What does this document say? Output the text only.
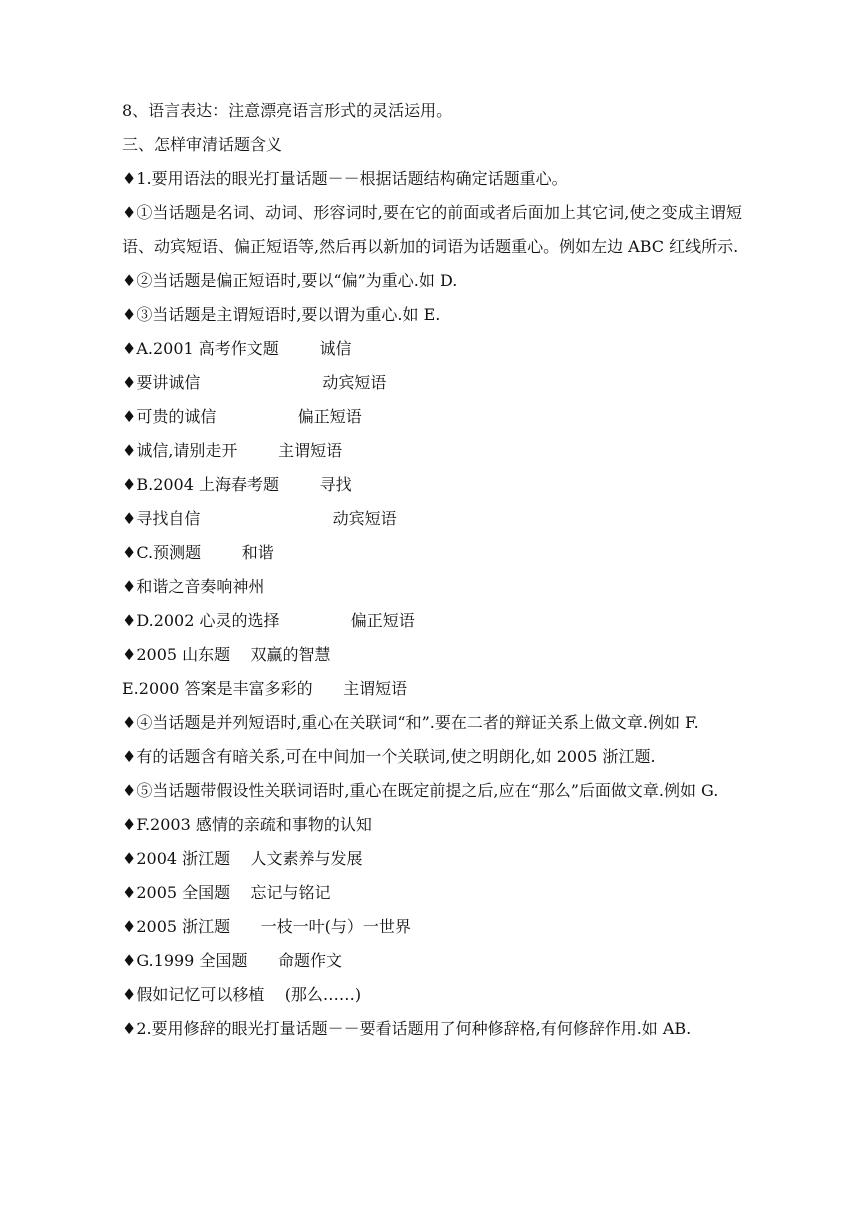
8、语言表达：注意漂亮语言形式的灵活运用。
三、怎样审清话题含义
♦1.要用语法的眼光打量话题－－根据话题结构确定话题重心。
♦①当话题是名词、动词、形容词时,要在它的前面或者后面加上其它词,使之变成主谓短语、动宾短语、偏正短语等,然后再以新加的词语为话题重心。例如左边 ABC 红线所示.
♦②当话题是偏正短语时,要以“偏”为重心.如 D.
♦③当话题是主谓短语时,要以谓为重心.如 E.
♦A.2001 高考作文题        诚信
♦要讲诚信                        动宾短语
♦可贵的诚信                偏正短语
♦诚信,请别走开        主谓短语
♦B.2004 上海春考题        寻找
♦寻找自信                          动宾短语
♦C.预测题        和谐
♦和谐之音奏响神州
♦D.2002 心灵的选择              偏正短语
♦2005 山东题    双赢的智慧
E.2000 答案是丰富多彩的      主谓短语
♦④当话题是并列短语时,重心在关联词“和”.要在二者的辩证关系上做文章.例如 F.
♦有的话题含有暗关系,可在中间加一个关联词,使之明朗化,如 2005 浙江题.
♦⑤当话题带假设性关联词语时,重心在既定前提之后,应在“那么”后面做文章.例如 G.
♦F.2003 感情的亲疏和事物的认知
♦2004 浙江题    人文素养与发展
♦2005 全国题    忘记与铭记
♦2005 浙江题      一枝一叶(与）一世界
♦G.1999 全国题      命题作文
♦假如记忆可以移植    (那么……)
♦2.要用修辞的眼光打量话题－－要看话题用了何种修辞格,有何修辞作用.如 AB.
